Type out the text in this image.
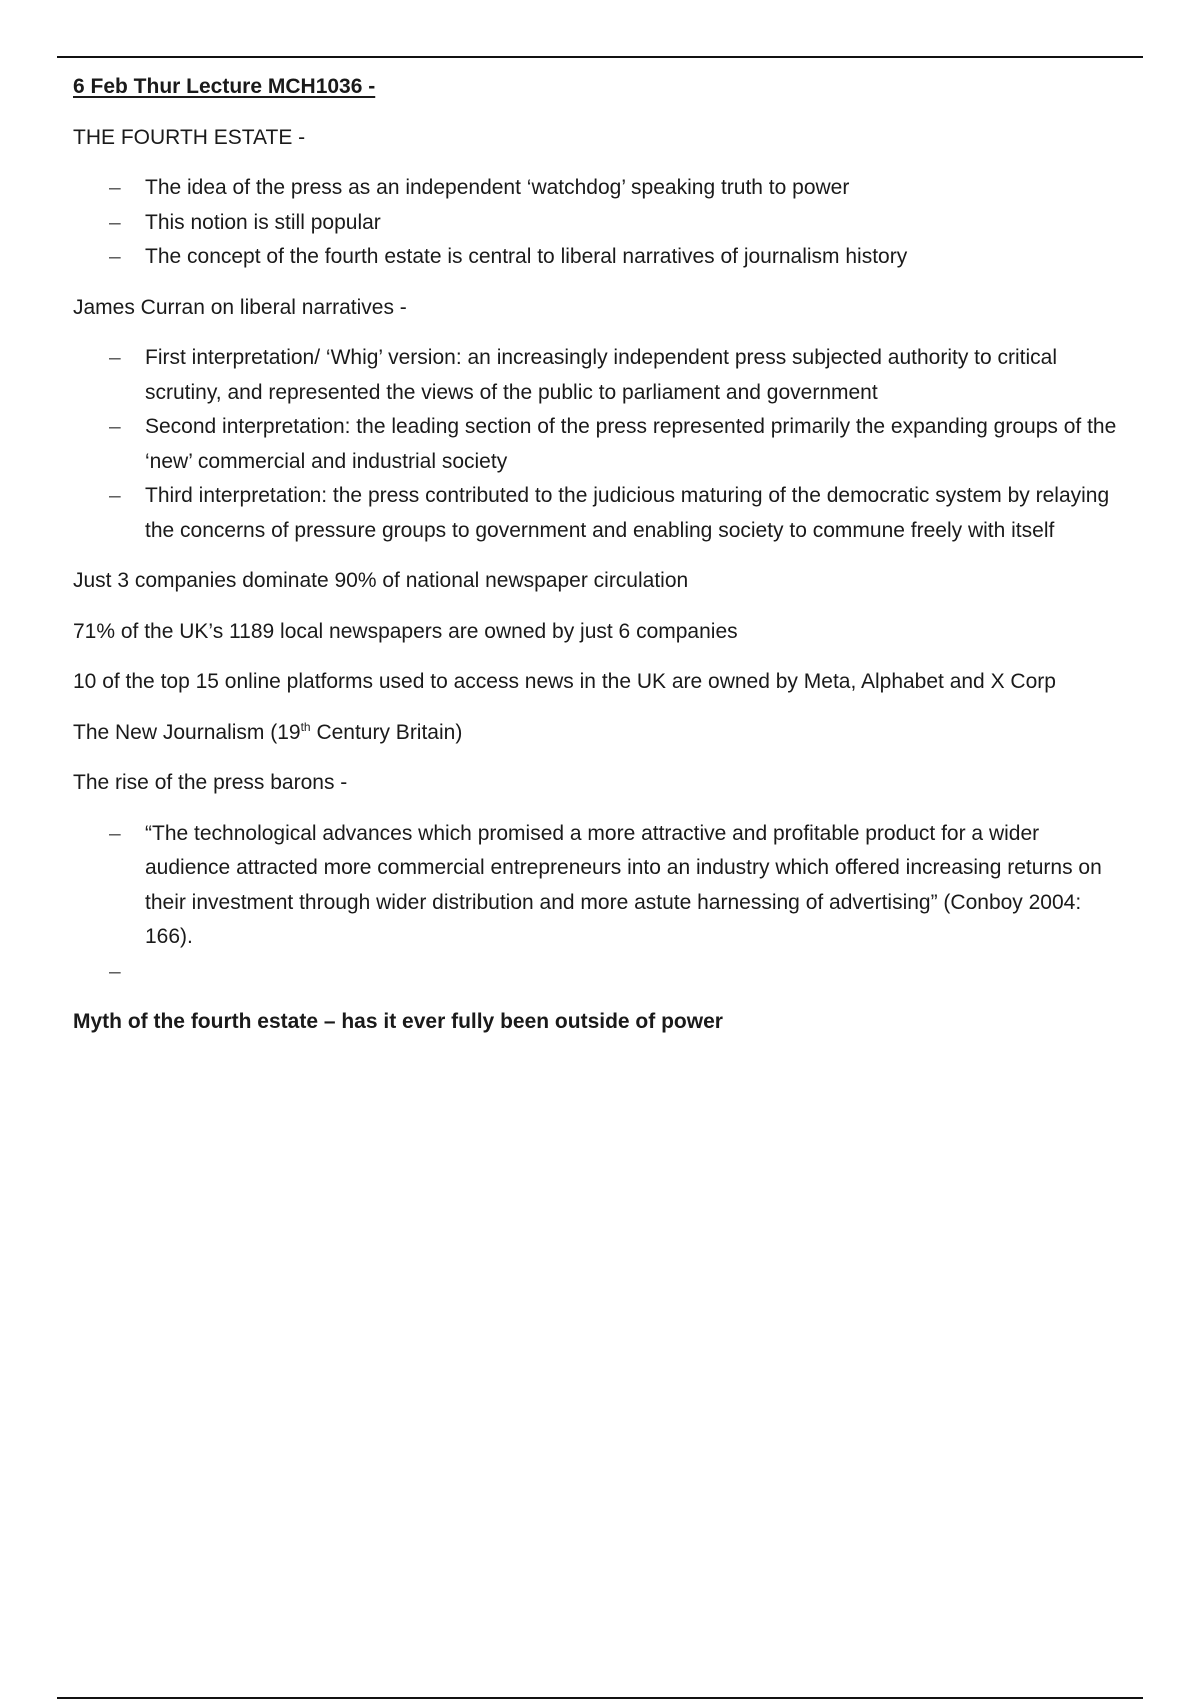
6 Feb Thur Lecture MCH1036 -

THE FOURTH ESTATE -

– The idea of the press as an independent ‘watchdog’ speaking truth to power
– This notion is still popular
– The concept of the fourth estate is central to liberal narratives of journalism history

James Curran on liberal narratives -

– First interpretation/ ‘Whig’ version: an increasingly independent press subjected authority to critical scrutiny, and represented the views of the public to parliament and government
– Second interpretation: the leading section of the press represented primarily the expanding groups of the ‘new’ commercial and industrial society
– Third interpretation: the press contributed to the judicious maturing of the democratic system by relaying the concerns of pressure groups to government and enabling society to commune freely with itself

Just 3 companies dominate 90% of national newspaper circulation

71% of the UK’s 1189 local newspapers are owned by just 6 companies

10 of the top 15 online platforms used to access news in the UK are owned by Meta, Alphabet and X Corp

The New Journalism (19th Century Britain)

The rise of the press barons -

– “The technological advances which promised a more attractive and profitable product for a wider audience attracted more commercial entrepreneurs into an industry which offered increasing returns on their investment through wider distribution and more astute harnessing of advertising” (Conboy 2004: 166).
–

Myth of the fourth estate – has it ever fully been outside of power
